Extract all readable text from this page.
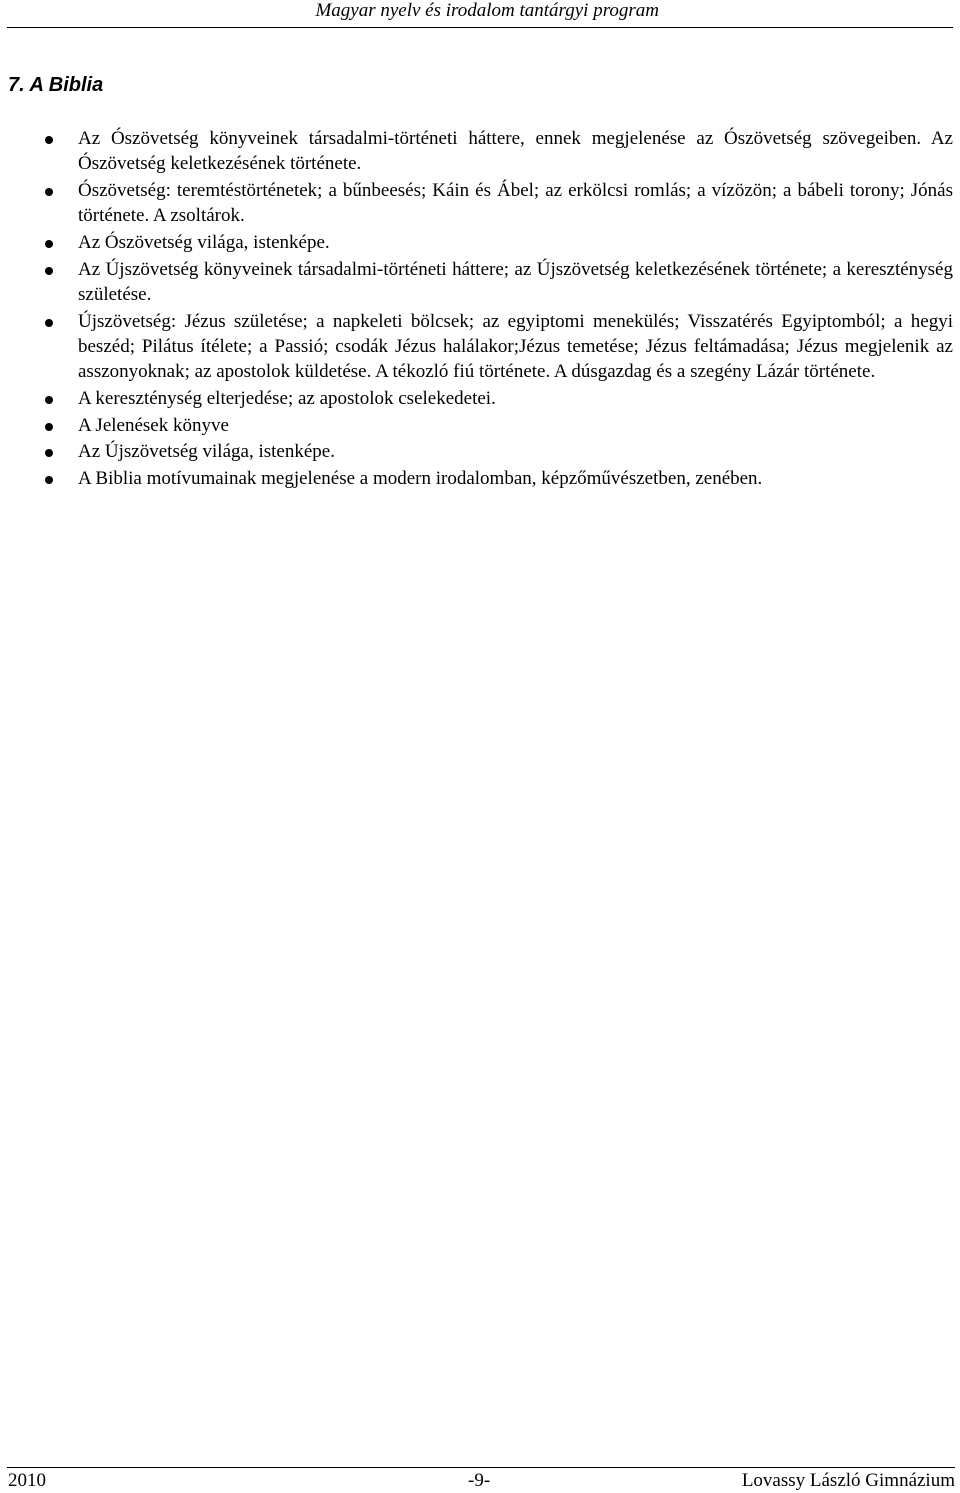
Magyar nyelv és irodalom tantárgyi program
7. A Biblia
Az Ószövetség könyveinek társadalmi-történeti háttere, ennek megjelenése az Ószövetség szövegeiben. Az Ószövetség keletkezésének története.
Ószövetség: teremtéstörténetek; a bűnbeesés; Káin és Ábel; az erkölcsi romlás; a vízözön; a bábeli torony; Jónás története. A zsoltárok.
Az Ószövetség világa, istenképe.
Az Újszövetség könyveinek társadalmi-történeti háttere; az Újszövetség keletkezésének története; a kereszténység születése.
Újszövetség: Jézus születése; a napkeleti bölcsek; az egyiptomi menekülés; Visszatérés Egyiptomból; a hegyi beszéd; Pilátus ítélete; a Passió; csodák Jézus halálakor;Jézus temetése; Jézus feltámadása; Jézus megjelenik az asszonyoknak; az apostolok küldetése. A tékozló fiú története. A dúsgazdag és a szegény Lázár története.
A kereszténység elterjedése; az apostolok cselekedetei.
A Jelenések könyve
Az Újszövetség világa, istenképe.
A Biblia motívumainak megjelenése a modern irodalomban, képzőművészetben, zenében.
2010	-9-	Lovassy László Gimnázium
